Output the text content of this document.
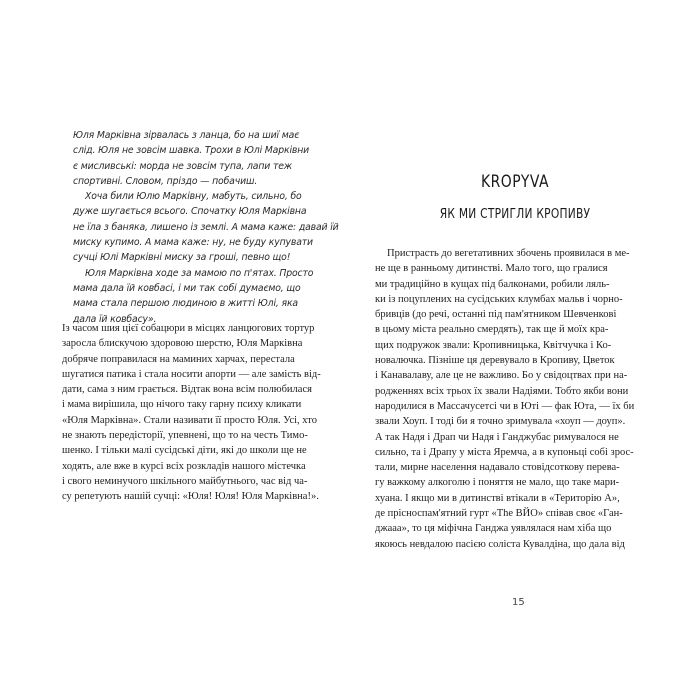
Юля Марківна зірвалась з ланца, бо на шиї має
слід. Юля не зовсім шавка. Трохи в Юлі Марківни
є мисливські: морда не зовсім тупа, лапи теж
спортивні. Словом, пріздо — побачиш.
Хоча били Юлю Марківну, мабуть, сильно, бо
дуже шугається всього. Спочатку Юля Марківна
не їла з баняка, лишено із землі. А мама каже: давай їй
миску купимо. А мама каже: ну, не буду купувати
сучці Юлі Марківні миску за гроші, певно що!
Юля Марківна ходе за мамою по п'ятах. Просто
мама дала їй ковбасі, і ми так собі думаємо, що
мама стала першою людиною в житті Юлі, яка
дала їй ковбасу».
Із часом шия цієї собацюри в місцях ланцюгових тортур
заросла блискучою здоровою шерстю, Юля Марківна
добряче поправилася на маминих харчах, перестала
шугатися патика і стала носити апорти — але замість від-
дати, сама з ним грається. Відтак вона всім полюбилася
і мама вирішила, що нічого таку гарну психу кликати
«Юля Марківна». Стали називати її просто Юля. Усі, хто
не знають передісторії, упевнені, що то на честь Тимо-
шенко. І тільки малі сусідські діти, які до школи ще не
ходять, але вже в курсі всіх розкладів нашого містечка
і свого неминучого шкільного майбутнього, час від ча-
су репетують нашій сучці: «Юля! Юля! Юля Марківна!».
KROPYVA
ЯК МИ СТРИГЛИ КРОПИВУ
Пристрасть до вегетативних збочень проявилася в ме-
не ще в ранньому дитинстві. Мало того, що гралися
ми традиційно в кущах під балконами, робили ляль-
ки із поцуплених на сусідських клумбах мальв і чорно-
бривців (до речі, останні під пам'ятником Шевченкові
в цьому міста реально смердять), так ще й моїх кра-
щих подружок звали: Кропивницька, Квітчучка і Ко-
новалючка. Пізніше ця деревувало в Кропиву, Цветок
і Канавалаву, але це не важливо. Бо у свідоцтвах при на-
родженнях всіх трьох їх звали Надіями. Тобто якби вони
народилися в Массачусетсі чи в Юті — фак Юта, — їх би
звали Хоуп. І тоді би я точно зримувала «хоуп — доуп».
А так Надя і Драп чи Надя і Ганджубас римувалося не
сильно, та і Драпу у міста Яремча, а в купоньці собі зрос-
тали, мирне населення надавало стовідсоткову перева-
гу важкому алкоголю і поняття не мало, що таке мари-
хуана. І якщо ми в дитинстві втікали в «Територію А»,
де прісноспам'ятний гурт «The ВЙО» співав своє «Ган-
джааа», то ця міфічна Ганджа уявлялася нам хіба що
якоюсь невдалою пасією соліста Кувалдіна, що дала від
15
